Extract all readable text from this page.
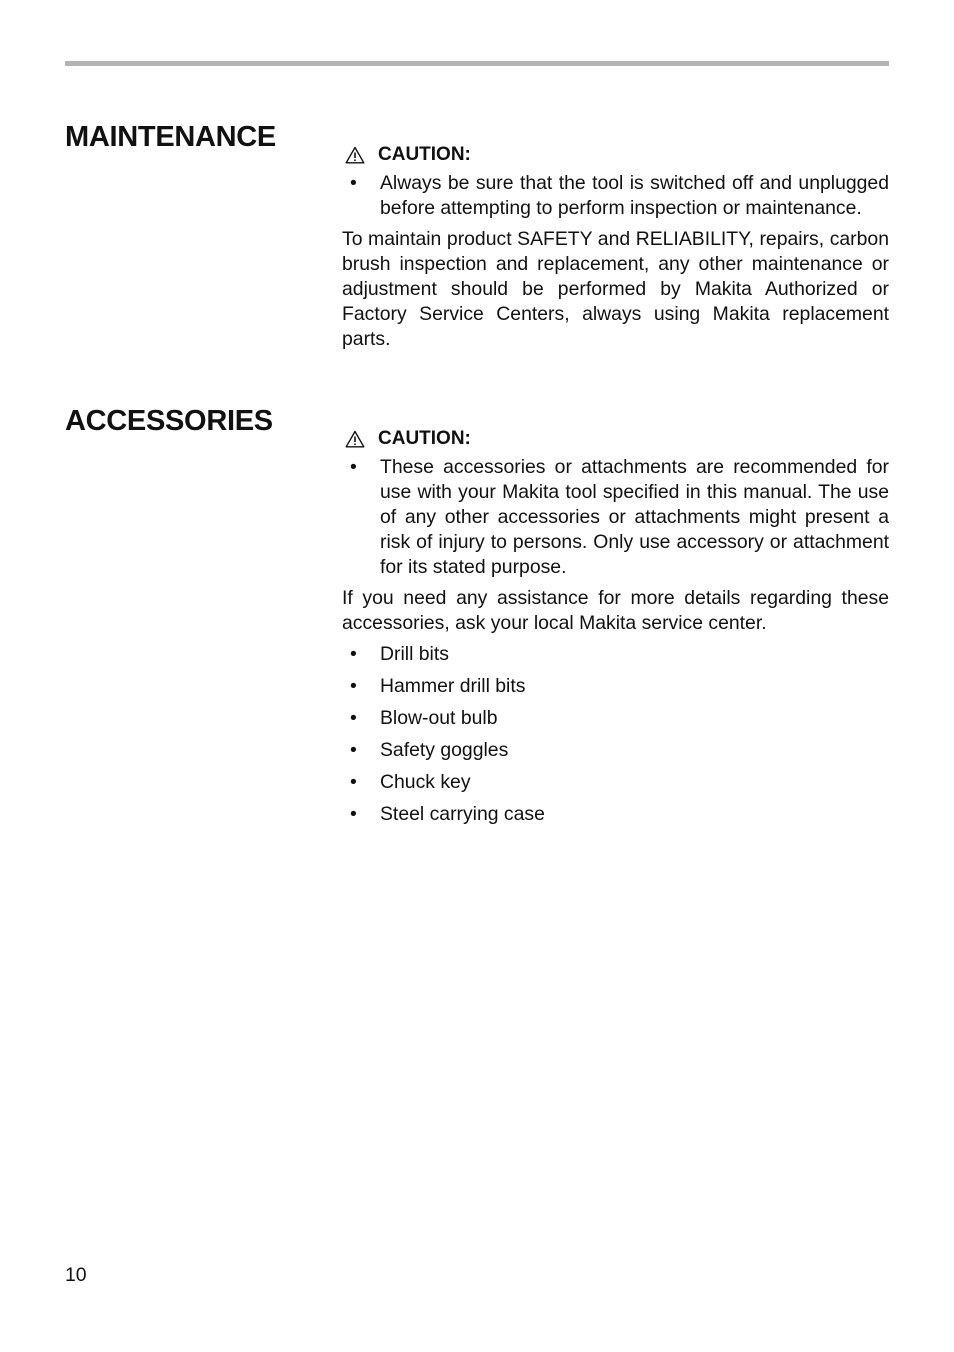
MAINTENANCE
CAUTION:
•	Always be sure that the tool is switched off and unplugged before attempting to perform inspection or maintenance.
To maintain product SAFETY and RELIABILITY, repairs, carbon brush inspection and replacement, any other maintenance or adjustment should be performed by Makita Authorized or Factory Service Centers, always using Makita replacement parts.
ACCESSORIES
CAUTION:
•	These accessories or attachments are recommended for use with your Makita tool specified in this manual. The use of any other accessories or attachments might present a risk of injury to persons. Only use accessory or attachment for its stated purpose.
If you need any assistance for more details regarding these accessories, ask your local Makita service center.
•	Drill bits
•	Hammer drill bits
•	Blow-out bulb
•	Safety goggles
•	Chuck key
•	Steel carrying case
10
